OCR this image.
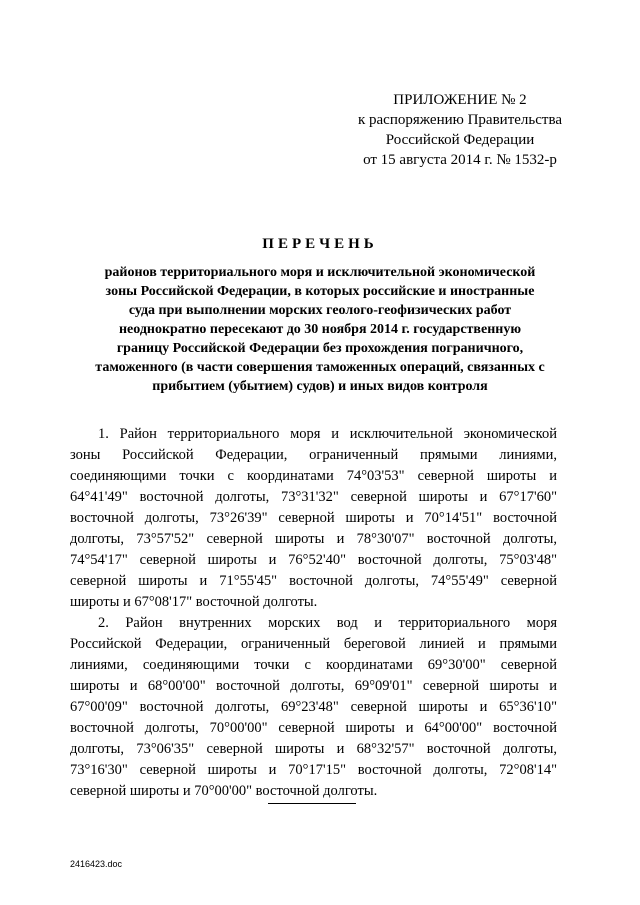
ПРИЛОЖЕНИЕ № 2
к распоряжению Правительства
Российской Федерации
от 15 августа 2014 г. № 1532-р
ПЕРЕЧЕНЬ
районов территориального моря и исключительной экономической
зоны Российской Федерации, в которых российские и иностранные
суда при выполнении морских геолого-геофизических работ
неоднократно пересекают до 30 ноября 2014 г. государственную
границу Российской Федерации без прохождения пограничного,
таможенного (в части совершения таможенных операций, связанных с
прибытием (убытием) судов) и иных видов контроля
1. Район территориального моря и исключительной экономической
зоны Российской Федерации, ограниченный прямыми линиями,
соединяющими точки с координатами 74°03'53" северной широты и
64°41'49" восточной долготы, 73°31'32" северной широты и 67°17'60"
восточной долготы, 73°26'39" северной широты и 70°14'51" восточной
долготы, 73°57'52" северной широты и 78°30'07" восточной долготы,
74°54'17" северной широты и 76°52'40" восточной долготы, 75°03'48"
северной широты и 71°55'45" восточной долготы, 74°55'49" северной
широты и 67°08'17" восточной долготы.
2. Район внутренних морских вод и территориального моря
Российской Федерации, ограниченный береговой линией и прямыми
линиями, соединяющими точки с координатами 69°30'00" северной
широты и 68°00'00" восточной долготы, 69°09'01" северной широты и
67°00'09" восточной долготы, 69°23'48" северной широты и 65°36'10"
восточной долготы, 70°00'00" северной широты и 64°00'00" восточной
долготы, 73°06'35" северной широты и 68°32'57" восточной долготы,
73°16'30" северной широты и 70°17'15" восточной долготы, 72°08'14"
северной широты и 70°00'00" восточной долготы.
2416423.doc
